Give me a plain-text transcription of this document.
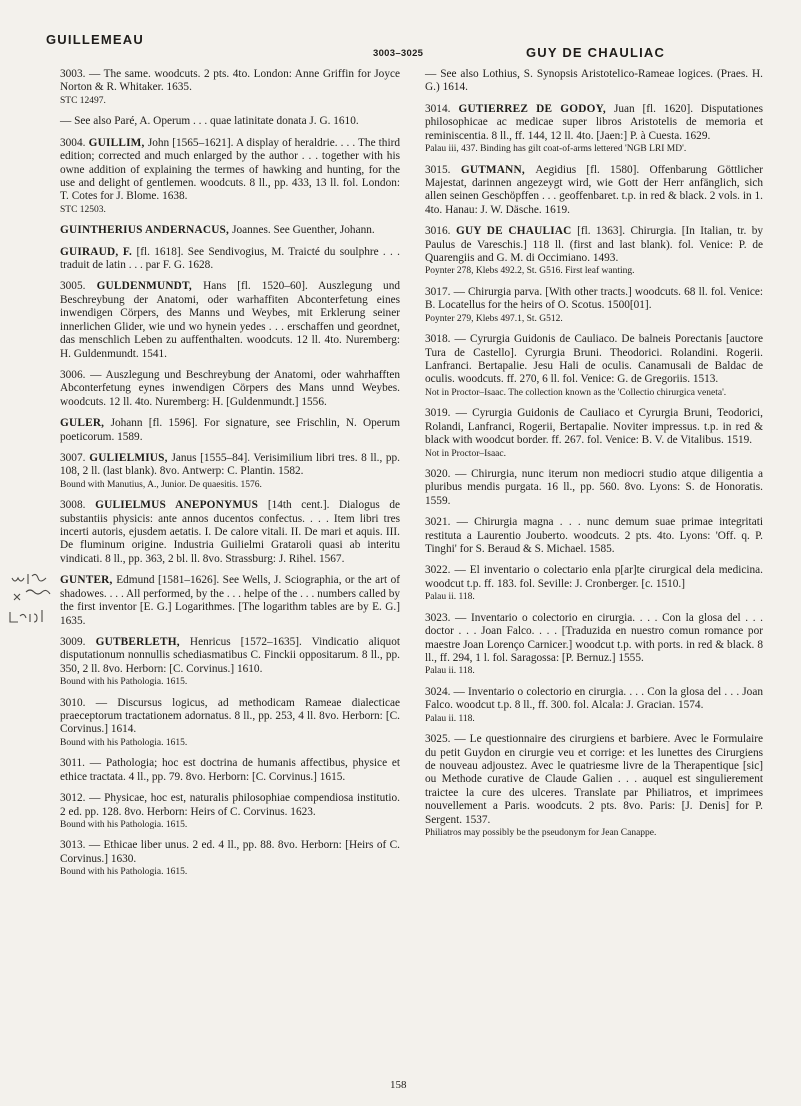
GUILLEMEAU
3003–3025	GUY DE CHAULIAC
3003. — The same. woodcuts. 2 pts. 4to. London: Anne Griffin for Joyce Norton & R. Whitaker. 1635.
STC 12497.
— See also Paré, A. Operum . . . quae latinitate donata J. G. 1610.
3004. GUILLIM, John [1565–1621]. A display of heraldrie. . . . The third edition; corrected and much enlarged by the author . . . together with his owne addition of explaining the termes of hawking and hunting, for the use and delight of gentlemen. woodcuts. 8 ll., pp. 433, 13 ll. fol. London: T. Cotes for J. Blome. 1638.
STC 12503.
GUINTHERIUS ANDERNACUS, Joannes. See Guenther, Johann.
GUIRAUD, F. [fl. 1618]. See Sendivogius, M. Traicté du soulphre . . . traduit de latin . . . par F. G. 1628.
3005. GULDENMUNDT, Hans [fl. 1520–60]. Auszlegung und Beschreybung der Anatomi, oder warhaffiten Abconterfetung eines inwendigen Cörpers, des Manns und Weybes, mit Erklerung seiner innerlichen Glider, wie und wo hynein yedes . . . erschaffen und geordnet, das menschlich Leben zu auffenthalten. woodcuts. 12 ll. 4to. Nuremberg: H. Guldenmundt. 1541.
3006. — Auszlegung und Beschreybung der Anatomi, oder wahrhafften Abconterfetung eynes inwendigen Cörpers des Mans unnd Weybes. woodcuts. 12 ll. 4to. Nuremberg: H. [Guldenmundt.] 1556.
GULER, Johann [fl. 1596]. For signature, see Frischlin, N. Operum poeticorum. 1589.
3007. GULIELMIUS, Janus [1555–84]. Verisimilium libri tres. 8 ll., pp. 108, 2 ll. (last blank). 8vo. Antwerp: C. Plantin. 1582.
Bound with Manutius, A., Junior. De quaesitis. 1576.
3008. GULIELMUS ANEPONYMUS [14th cent.]. Dialogus de substantiis physicis: ante annos ducentos confectus. . . . Item libri tres incerti autoris, ejusdem aetatis. I. De calore vitali. II. De mari et aquis. III. De fluminum origine. Industria Guilielmi Grataroli quasi ab interitu vindicati. 8 ll., pp. 363, 2 bl. ll. 8vo. Strassburg: J. Rihel. 1567.
GUNTER, Edmund [1581–1626]. See Wells, J. Sciographia, or the art of shadowes. . . . All performed, by the . . . helpe of the . . . numbers called by the first inventor [E. G.] Logarithmes. [The logarithm tables are by E. G.] 1635.
3009. GUTBERLETH, Henricus [1572–1635]. Vindicatio aliquot disputationum nonnullis schediasmatibus C. Finckii oppositarum. 8 ll., pp. 350, 2 ll. 8vo. Herborn: [C. Corvinus.] 1610.
Bound with his Pathologia. 1615.
3010. — Discursus logicus, ad methodicam Rameae dialecticae praeceptorum tractationem adornatus. 8 ll., pp. 253, 4 ll. 8vo. Herborn: [C. Corvinus.] 1614.
Bound with his Pathologia. 1615.
3011. — Pathologia; hoc est doctrina de humanis affectibus, physice et ethice tractata. 4 ll., pp. 79. 8vo. Herborn: [C. Corvinus.] 1615.
3012. — Physicae, hoc est, naturalis philosophiae compendiosa institutio. 2 ed. pp. 128. 8vo. Herborn: Heirs of C. Corvinus. 1623.
Bound with his Pathologia. 1615.
3013. — Ethicae liber unus. 2 ed. 4 ll., pp. 88. 8vo. Herborn: [Heirs of C. Corvinus.] 1630.
Bound with his Pathologia. 1615.
— See also Lothius, S. Synopsis Aristotelico-Rameae logices. (Praes. H. G.) 1614.
3014. GUTIERREZ DE GODOY, Juan [fl. 1620]. Disputationes philosophicae ac medicae super libros Aristotelis de memoria et reminiscentia. 8 ll., ff. 144, 12 ll. 4to. [Jaen:] P. à Cuesta. 1629.
Palau iii, 437. Binding has gilt coat-of-arms lettered 'NGB LRI MD'.
3015. GUTMANN, Aegidius [fl. 1580]. Offenbarung Göttlicher Majestat, darinnen angezeygt wird, wie Gott der Herr anfänglich, sich allen seinen Geschöpffen . . . geoffenbaret. t.p. in red & black. 2 vols. in 1. 4to. Hanau: J. W. Däsche. 1619.
3016. GUY DE CHAULIAC [fl. 1363]. Chirurgia. [In Italian, tr. by Paulus de Vareschis.] 118 ll. (first and last blank). fol. Venice: P. de Quarengiis and G. M. di Occimiano. 1493.
Poynter 278, Klebs 492.2, St. G516. First leaf wanting.
3017. — Chirurgia parva. [With other tracts.] woodcuts. 68 ll. fol. Venice: B. Locatellus for the heirs of O. Scotus. 1500[01].
Poynter 279, Klebs 497.1, St. G512.
3018. — Cyrurgia Guidonis de Cauliaco. De balneis Porectanis [auctore Tura de Castello]. Cyrurgia Bruni. Theodorici. Rolandini. Rogerii. Lanfranci. Bertapalie. Jesu Hali de oculis. Canamusali de Baldac de oculis. woodcuts. ff. 270, 6 ll. fol. Venice: G. de Gregoriis. 1513.
Not in Proctor–Isaac. The collection known as the 'Collectio chirurgica veneta'.
3019. — Cyrurgia Guidonis de Cauliaco et Cyrurgia Bruni, Teodorici, Rolandi, Lanfranci, Rogerii, Bertapalie. Noviter impressus. t.p. in red & black with woodcut border. ff. 267. fol. Venice: B. V. de Vitalibus. 1519.
Not in Proctor–Isaac.
3020. — Chirurgia, nunc iterum non mediocri studio atque diligentia a pluribus mendis purgata. 16 ll., pp. 560. 8vo. Lyons: S. de Honoratis. 1559.
3021. — Chirurgia magna . . . nunc demum suae primae integritati restituta a Laurentio Jouberto. woodcuts. 2 pts. 4to. Lyons: 'Off. q. P. Tinghi' for S. Beraud & S. Michael. 1585.
3022. — El inventario o colectario enla p[ar]te cirurgical dela medicina. woodcut t.p. ff. 183. fol. Seville: J. Cronberger. [c. 1510.]
Palau ii. 118.
3023. — Inventario o colectorio en cirurgia. . . . Con la glosa del . . . doctor . . . Joan Falco. . . . [Traduzida en nuestro comun romance por maestre Joan Lorenço Carnicer.] woodcut t.p. with ports. in red & black. 8 ll., ff. 294, 1 l. fol. Saragossa: [P. Bernuz.] 1555.
Palau ii. 118.
3024. — Inventario o colectorio en cirurgia. . . . Con la glosa del . . . Joan Falco. woodcut t.p. 8 ll., ff. 300. fol. Alcala: J. Gracian. 1574.
Palau ii. 118.
3025. — Le questionnaire des cirurgiens et barbiere. Avec le Formulaire du petit Guydon en cirurgie veu et corrige: et les lunettes des Cirurgiens de nouveau adjoustez. Avec le quatriesme livre de la Therapentique [sic] ou Methode curative de Claude Galien . . . auquel est singulierement traictee la cure des ulceres. Translate par Philiatros, et imprimees nouvellement a Paris. woodcuts. 2 pts. 8vo. Paris: [J. Denis] for P. Sergent. 1537.
Philiatros may possibly be the pseudonym for Jean Canappe.
158
